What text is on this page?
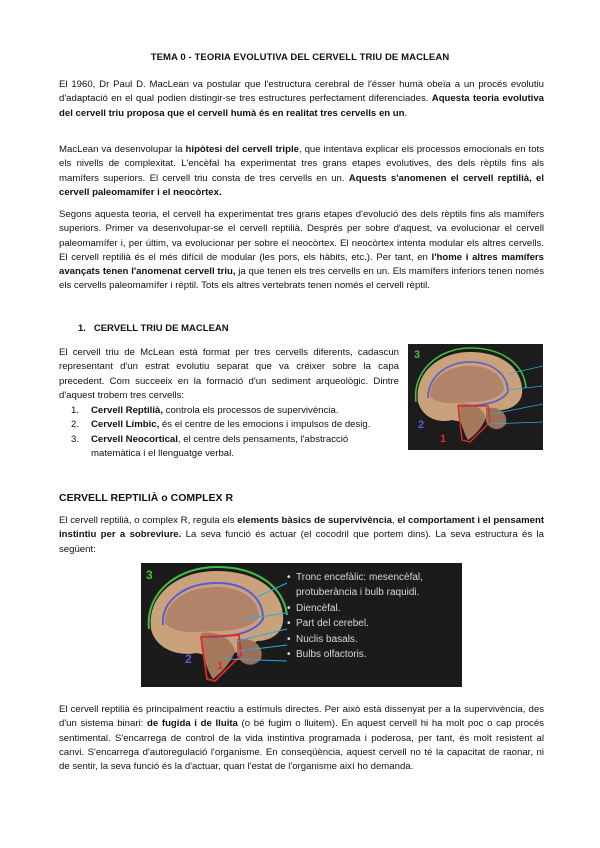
TEMA 0 - TEORIA EVOLUTIVA DEL CERVELL TRIU DE MACLEAN

El 1960, Dr Paul D. MacLean va postular que l'estructura cerebral de l'ésser humà obeïa a un procés evolutiu d'adaptació en el qual podien distingir-se tres estructures perfectament diferenciades. Aquesta teoria evolutiva del cervell triu proposa que el cervell humà és en realitat tres cervells en un.

MacLean va desenvolupar la hipòtesi del cervell triple, que intentava explicar els processos emocionals en tots els nivells de complexitat. L'encèfal ha experimentat tres grans etapes evolutives, des dels rèptils fins als mamífers superiors. El cervell triu consta de tres cervells en un. Aquests s'anomenen el cervell reptilià, el cervell paleomamífer i el neocòrtex.

Segons aquesta teoria, el cervell ha experimentat tres grans etapes d'evolució des dels rèptils fins als mamífers superiors. Primer va desenvolupar-se el cervell reptilià. Després per sobre d'aquest, va evolucionar el cervell paleomamífer i, per últim, va evolucionar per sobre el neocòrtex. El neocòrtex intenta modular els altres cervells. El cervell reptilià és el més difícil de modular (les pors, els hàbits, etc.). Per tant, en l'home i altres mamífers avançats tenen l'anomenat cervell triu, ja que tenen els tres cervells en un. Els mamífers inferiors tenen només els cervells paleomamífer i rèptil. Tots els altres vertebrats tenen només el cervell rèptil.

1. CERVELL TRIU DE MACLEAN

El cervell triu de McLean està format per tres cervells diferents, cadascun representant d'un estrat evolutiu separat que va créixer sobre la capa precedent. Com succeeix en la formació d'un sediment arqueològic. Dintre d'aquest trobem tres cervells:

1. Cervell Reptilià, controla els processos de supervivència.
2. Cervell Límbic, és el centre de les emocions i impulsos de desig.
3. Cervell Neocortical, el centre dels pensaments, l'abstracció matemàtica i el llenguatge verbal.
3
2
1
CERVELL REPTILIÀ o COMPLEX R

El cervell reptilià, o complex R, regula els elements bàsics de supervivència, el comportament i el pensament instintiu per a sobreviure. La seva funció és actuar (el cocodril que portem dins). La seva estructura és la següent:

3
2 1
• Tronc encefàlic: mesencèfal,
protuberància i bulb raquidi.
• Diencèfal.
• Part del cerebel.
• Nuclis basals.
• Bulbs olfactoris.

El cervell reptilià és principalment reactiu a estímuls directes. Per això està dissenyat per a la supervivència, des d'un sistema binari: de fugida i de lluita (o bé fugim o lluitem). En aquest cervell hi ha molt poc o cap procés sentimental. S'encarrega de control de la vida instintiva programada i poderosa, per tant, és molt resistent al canvi. S'encarrega d'autoregulació l'organisme. En conseqüència, aquest cervell no té la capacitat de raonar, ni de sentir, la seva funció és la d'actuar, quan l'estat de l'organisme així ho demanda.
